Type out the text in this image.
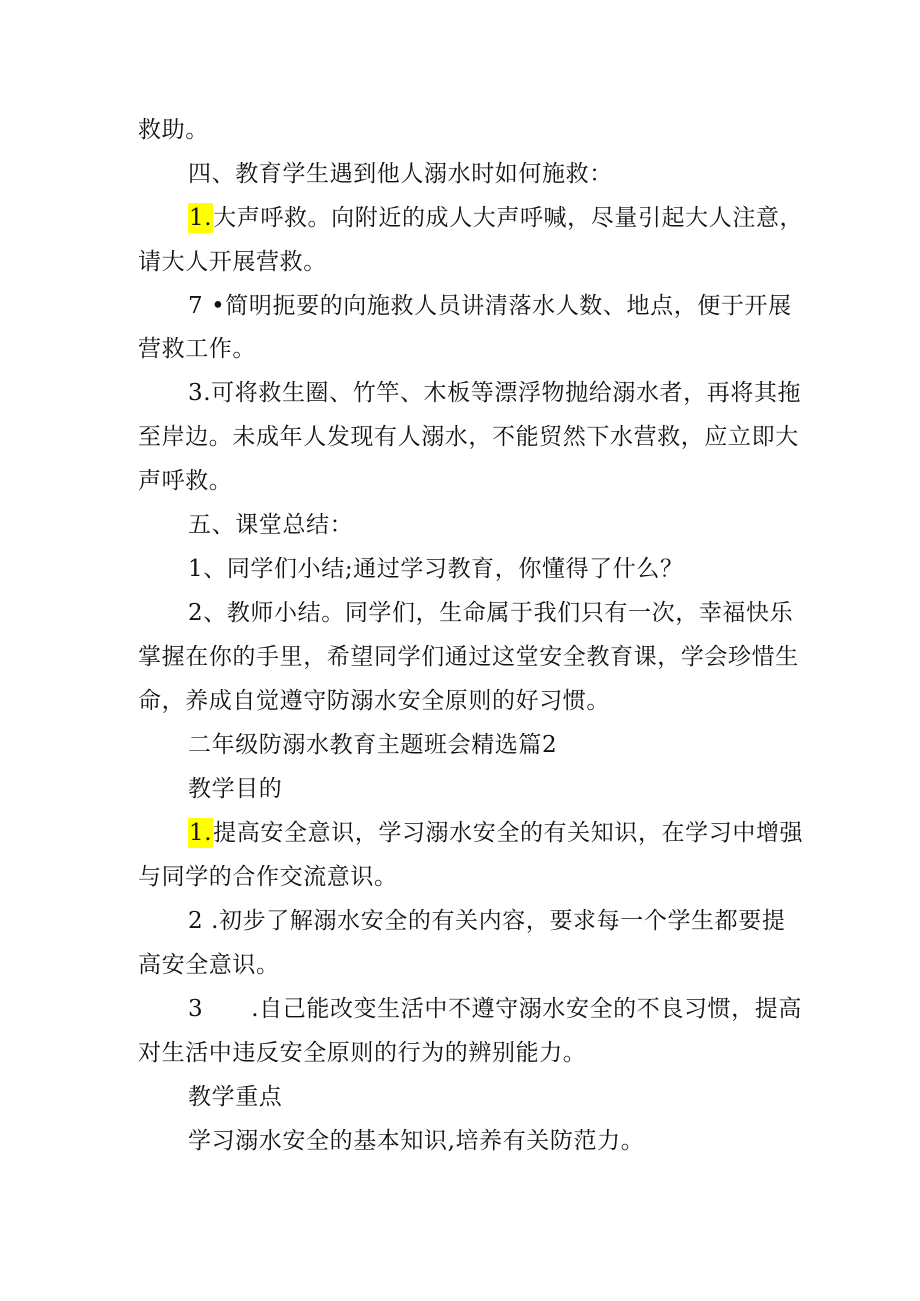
救助。
四、教育学生遇到他人溺水时如何施救：
1.大声呼救。向附近的成人大声呼喊，尽量引起大人注意，
请大人开展营救。
7 •简明扼要的向施救人员讲清落水人数、地点，便于开展
营救工作。
3.可将救生圈、竹竿、木板等漂浮物抛给溺水者，再将其拖
至岸边。未成年人发现有人溺水，不能贸然下水营救，应立即大
声呼救。
五、课堂总结：
1、同学们小结;通过学习教育，你懂得了什么？
2、教师小结。同学们，生命属于我们只有一次，幸福快乐
掌握在你的手里，希望同学们通过这堂安全教育课，学会珍惜生
命，养成自觉遵守防溺水安全原则的好习惯。
二年级防溺水教育主题班会精选篇2
教学目的
1.提高安全意识，学习溺水安全的有关知识，在学习中增强
与同学的合作交流意识。
2 .初步了解溺水安全的有关内容，要求每一个学生都要提
高安全意识。
3 .自己能改变生活中不遵守溺水安全的不良习惯，提高
对生活中违反安全原则的行为的辨别能力。
教学重点
学习溺水安全的基本知识,培养有关防范力。
